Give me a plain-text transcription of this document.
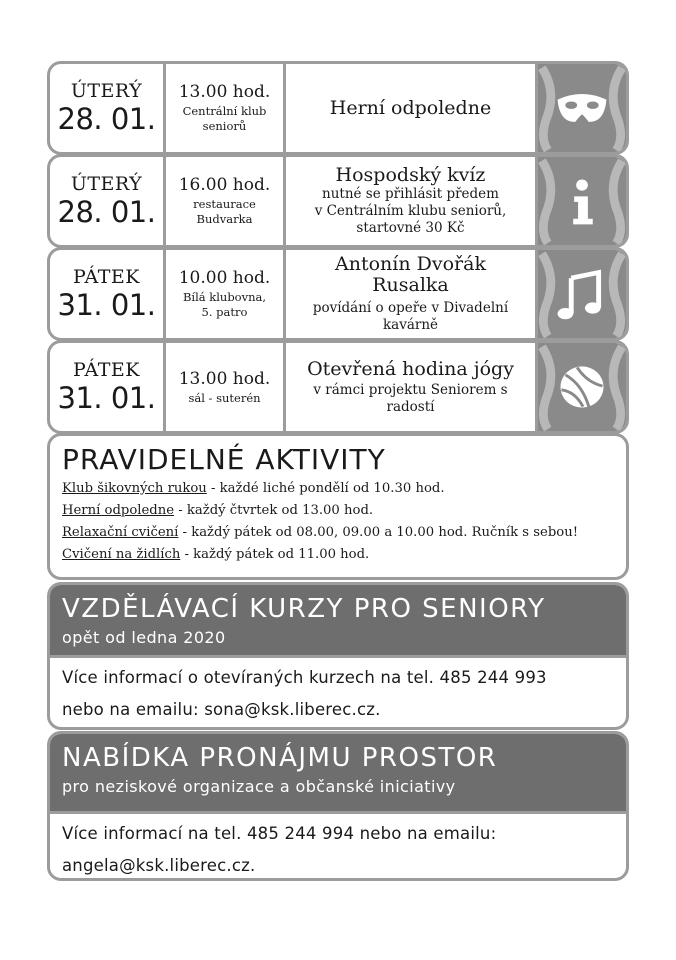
ÚTERÝ
28. 01.
13.00 hod.
Centrální klub
seniorů
Herní odpoledne
ÚTERÝ
28. 01.
16.00 hod.
restaurace
Budvarka
Hospodský kvíz
nutné se přihlásit předem
v Centrálním klubu seniorů,
startovné 30 Kč
PÁTEK
31. 01.
10.00 hod.
Bílá klubovna,
5. patro
Antonín Dvořák
Rusalka
povídání o opeře v Divadelní
kavárně
PÁTEK
31. 01.
13.00 hod.
sál - suterén
Otevřená hodina jógy
v rámci projektu Seniorem s
radostí
PRAVIDELNÉ AKTIVITY
Klub šikovných rukou - každé liché pondělí od 10.30 hod.
Herní odpoledne - každý čtvrtek od 13.00 hod.
Relaxační cvičení - každý pátek od 08.00, 09.00 a 10.00 hod. Ručník s sebou!
Cvičení na židlích - každý pátek od 11.00 hod.
VZDĚLÁVACÍ KURZY PRO SENIORY
opět od ledna 2020
Více informací o otevíraných kurzech na tel. 485 244 993
nebo na emailu: sona@ksk.liberec.cz.
NABÍDKA PRONÁJMU PROSTOR
pro neziskové organizace a občanské iniciativy
Více informací na tel. 485 244 994 nebo na emailu:
angela@ksk.liberec.cz.
